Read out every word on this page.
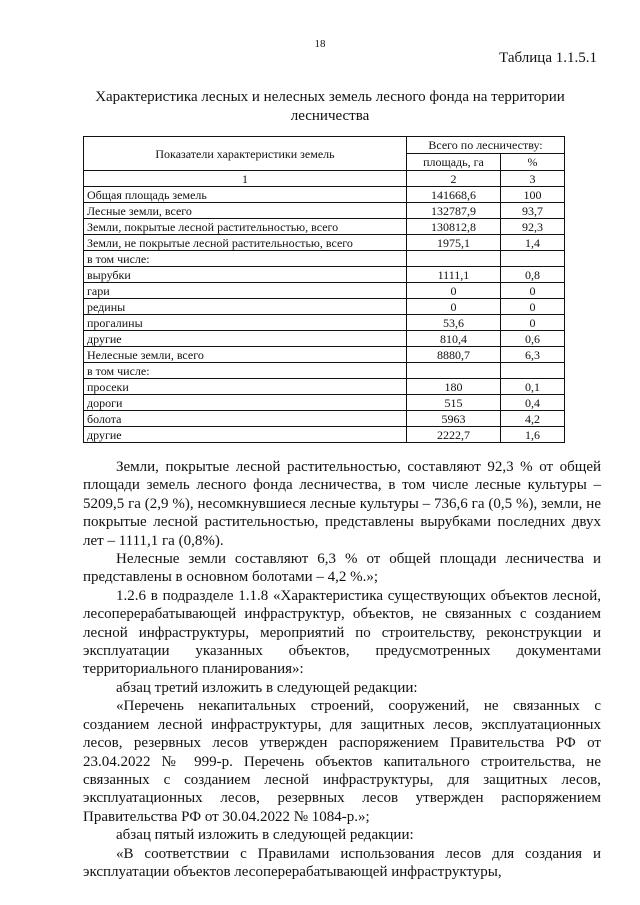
18
Таблица 1.1.5.1
Характеристика лесных и нелесных земель лесного фонда на территории лесничества
Показатели характеристики земель	Всего по лесничеству:	
	площадь, га	%
1	2	3
Общая площадь земель	141668,6	100
Лесные земли, всего	132787,9	93,7
Земли, покрытые лесной растительностью, всего	130812,8	92,3
Земли, не покрытые лесной растительностью, всего	1975,1	1,4
в том числе:		
вырубки	1111,1	0,8
гари	0	0
редины	0	0
прогалины	53,6	0
другие	810,4	0,6
Нелесные земли, всего	8880,7	6,3
в том числе:		
просеки	180	0,1
дороги	515	0,4
болота	5963	4,2
другие	2222,7	1,6

Земли, покрытые лесной растительностью, составляют 92,3 % от общей площади земель лесного фонда лесничества, в том числе лесные культуры – 5209,5 га (2,9 %), несомкнувшиеся лесные культуры – 736,6 га (0,5 %), земли, не покрытые лесной растительностью, представлены вырубками последних двух лет – 1111,1 га (0,8%).

Нелесные земли составляют 6,3 % от общей площади лесничества и представлены в основном болотами – 4,2 %.»;

1.2.6 в подразделе 1.1.8 «Характеристика существующих объектов лесной, лесоперерабатывающей инфраструктур, объектов, не связанных с созданием лесной инфраструктуры, мероприятий по строительству, реконструкции и эксплуатации указанных объектов, предусмотренных документами территориального планирования»:

абзац третий изложить в следующей редакции:

«Перечень некапитальных строений, сооружений, не связанных с созданием лесной инфраструктуры, для защитных лесов, эксплуатационных лесов, резервных лесов утвержден распоряжением Правительства РФ от 23.04.2022 № 999-р. Перечень объектов капитального строительства, не связанных с созданием лесной инфраструктуры, для защитных лесов, эксплуатационных лесов, резервных лесов утвержден распоряжением Правительства РФ от 30.04.2022 № 1084-р.»;

абзац пятый изложить в следующей редакции:

«В соответствии с Правилами использования лесов для создания и эксплуатации объектов лесоперерабатывающей инфраструктуры,
